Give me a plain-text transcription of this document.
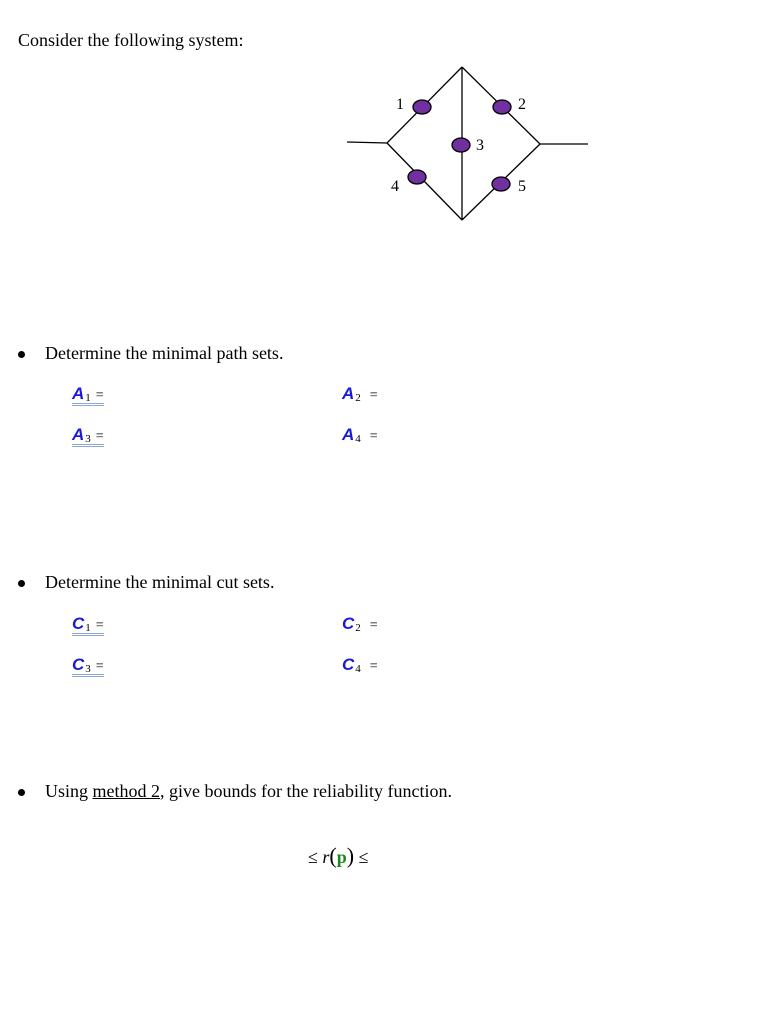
Consider the following system:
1	2
3
4	5
Determine the minimal path sets.
$A_1$ =	$A_2$ =
$A_3$ =	$A_4$ =
Determine the minimal cut sets.
$C_1$ =	$C_2$ =
$C_3$ =	$C_4$ =
Using method 2, give bounds for the reliability function.
≤ r(p) ≤
